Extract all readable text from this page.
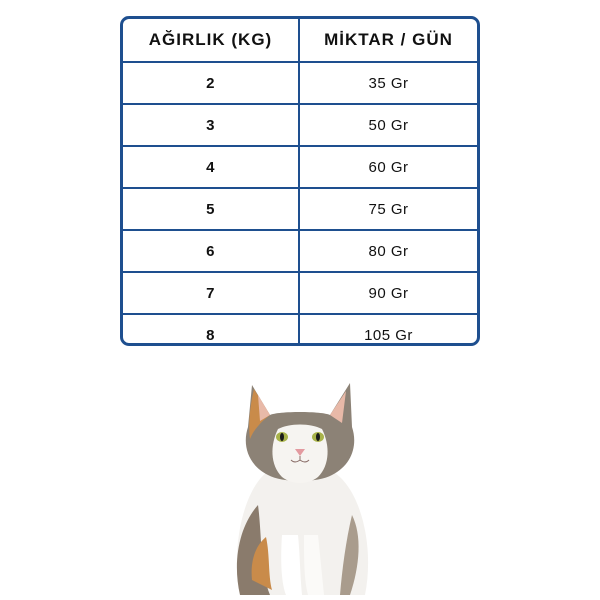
AĞIRLIK (KG)	MİKTAR / GÜN
2	35 Gr
3	50 Gr
4	60 Gr
5	75 Gr
6	80 Gr
7	90 Gr
8	105 Gr
